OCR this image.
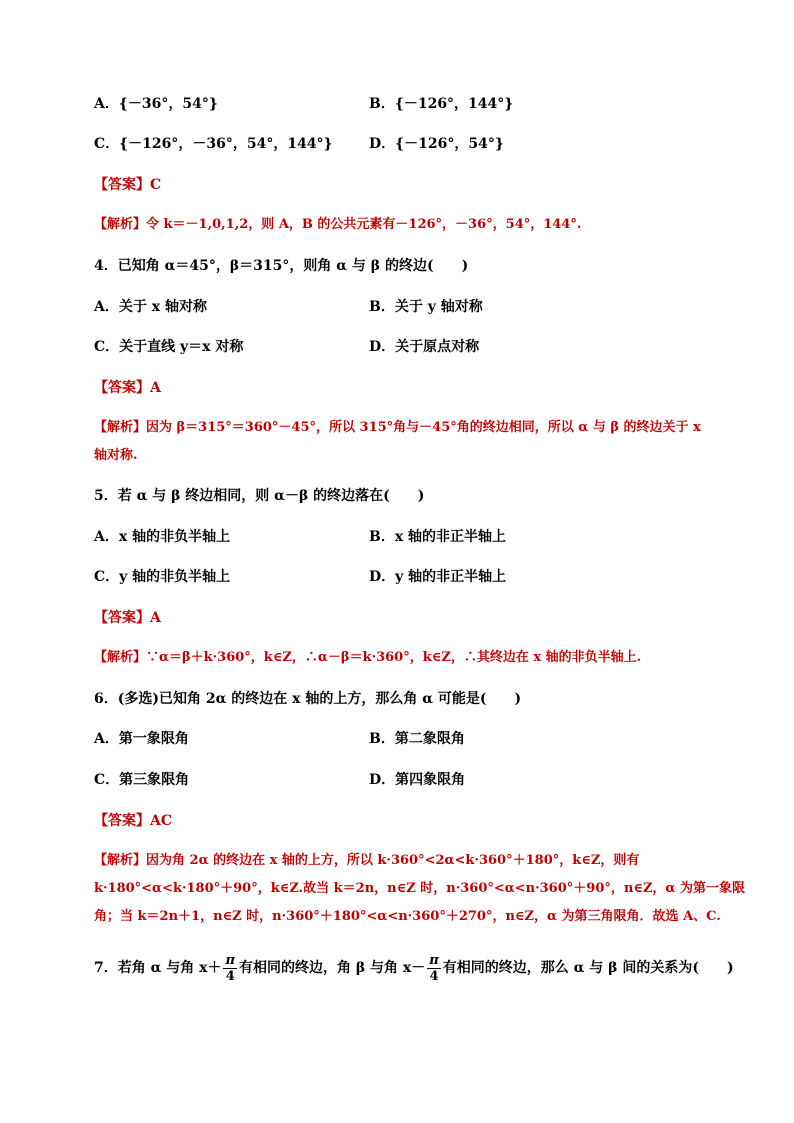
A．{－36°，54°}	B．{－126°，144°}
C．{－126°，－36°，54°，144°}	D．{－126°，54°}
【答案】C
【解析】令 k＝－1,0,1,2，则 A，B 的公共元素有－126°，－36°，54°，144°.
4．已知角 α＝45°，β＝315°，则角 α 与 β 的终边(　　)
A．关于 x 轴对称	B．关于 y 轴对称
C．关于直线 y＝x 对称	D．关于原点对称
【答案】A
【解析】因为 β＝315°＝360°－45°，所以 315°角与－45°角的终边相同，所以 α 与 β 的终边关于 x
轴对称.
5．若 α 与 β 终边相同，则 α－β 的终边落在(　　)
A．x 轴的非负半轴上	B．x 轴的非正半轴上
C．y 轴的非负半轴上	D．y 轴的非正半轴上
【答案】A
【解析】∵α＝β＋k·360°，k∈Z，∴α－β＝k·360°，k∈Z，∴其终边在 x 轴的非负半轴上.
6．(多选)已知角 2α 的终边在 x 轴的上方，那么角 α 可能是(　　)
A．第一象限角	B．第二象限角
C．第三象限角	D．第四象限角
【答案】AC
【解析】因为角 2α 的终边在 x 轴的上方，所以 k·360°<2α<k·360°＋180°，k∈Z，则有
k·180°<α<k·180°＋90°，k∈Z.故当 k＝2n，n∈Z 时，n·360°<α<n·360°＋90°，n∈Z，α 为第一象限
角；当 k＝2n＋1，n∈Z 时，n·360°＋180°<α<n·360°＋270°，n∈Z，α 为第三角限角．故选 A、C.
7．若角 α 与角 $x+ \frac{\pi}{4}$ 有相同的终边，角 β 与角 $x- \frac{\pi}{4}$ 有相同的终边，那么 α 与 β 间的关系为(　　)
